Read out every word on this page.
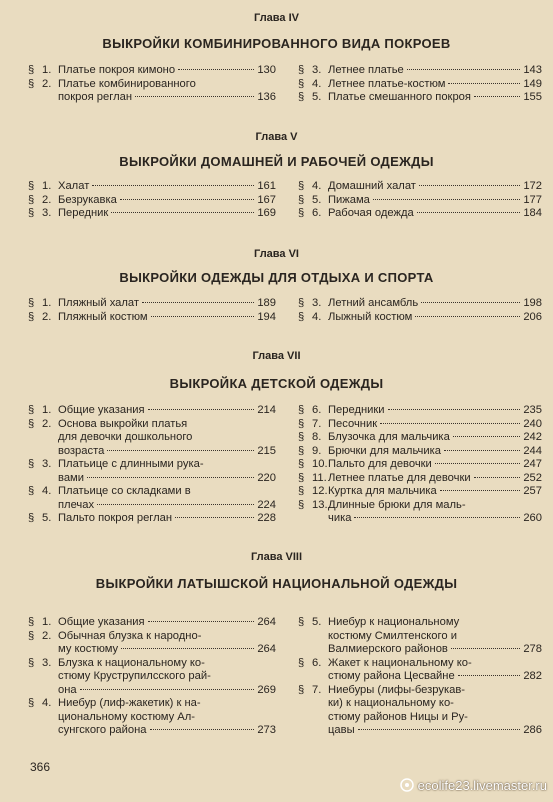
Глава IV
ВЫКРОЙКИ КОМБИНИРОВАННОГО ВИДА ПОКРОЕВ
§ 1. Платье покроя кимоно	130
§ 2. Платье комбинированного
покроя реглан	136
§ 3. Летнее платье	143
§ 4. Летнее платье-костюм	149
§ 5. Платье смешанного покроя	155
Глава V
ВЫКРОЙКИ ДОМАШНЕЙ И РАБОЧЕЙ ОДЕЖДЫ
§ 1. Халат	161
§ 2. Безрукавка	167
§ 3. Передник	169
§ 4. Домашний халат	172
§ 5. Пижама	177
§ 6. Рабочая одежда	184
Глава VI
ВЫКРОЙКИ ОДЕЖДЫ ДЛЯ ОТДЫХА И СПОРТА
§ 1. Пляжный халат	189
§ 2. Пляжный костюм	194
§ 3. Летний ансамбль	198
§ 4. Лыжный костюм	206
Глава VII
ВЫКРОЙКА ДЕТСКОЙ ОДЕЖДЫ
§ 1. Общие указания	214
§ 2. Основа выкройки платья
для девочки дошкольного
возраста	215
§ 3. Платьице с длинными рука-
вами	220
§ 4. Платьице со складками в
плечах	224
§ 5. Пальто покроя реглан	228
§ 6. Передники	235
§ 7. Песочник	240
§ 8. Блузочка для мальчика	242
§ 9. Брючки для мальчика	244
§ 10. Пальто для девочки	247
§ 11. Летнее платье для девочки	252
§ 12. Куртка для мальчика	257
§ 13. Длинные брюки для маль-
чика	260
Глава VIII
ВЫКРОЙКИ ЛАТЫШСКОЙ НАЦИОНАЛЬНОЙ ОДЕЖДЫ
§ 1. Общие указания	264
§ 2. Обычная блузка к народно-
му костюму	264
§ 3. Блузка к национальному ко-
стюму Круструпилсского рай-
она	269
§ 4. Ниебур (лиф-жакетик) к на-
циональному костюму Ал-
сунгского района	273
§ 5. Ниебур к национальному
костюму Смилтенского и
Валмиерского районов	278
§ 6. Жакет к национальному ко-
стюму района Цесвайне	282
§ 7. Ниебуры (лифы-безрукав-
ки) к национальному ко-
стюму районов Ницы и Ру-
цавы	286
366
ecolife23.livemaster.ru
